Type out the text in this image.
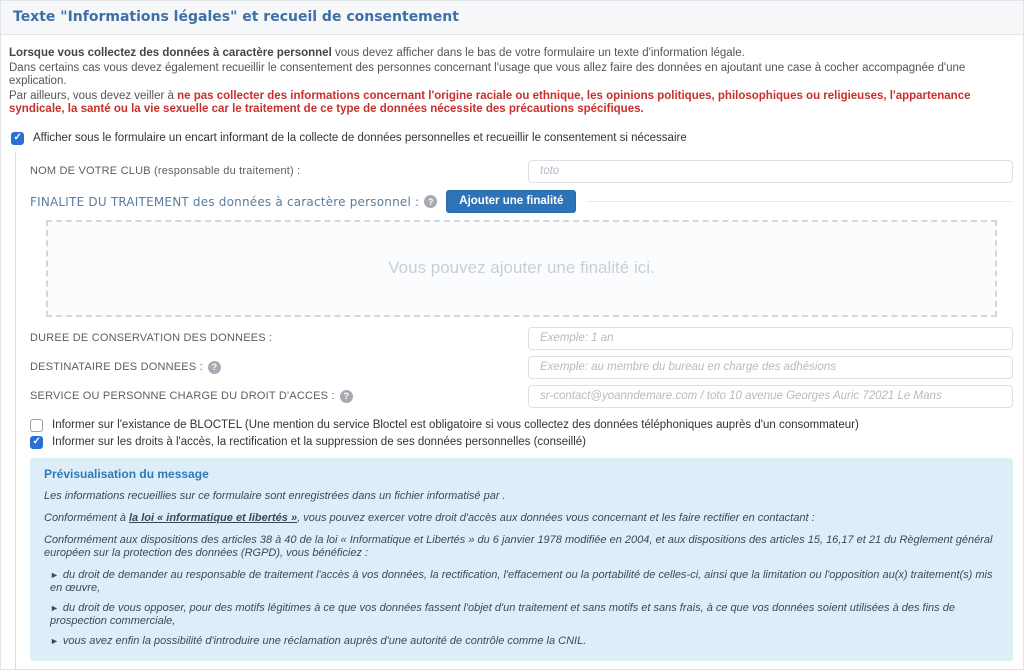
Texte "Informations légales" et recueil de consentement

Lorsque vous collectez des données à caractère personnel vous devez afficher dans le bas de votre formulaire un texte d'information légale.

Dans certains cas vous devez également recueillir le consentement des personnes concernant l'usage que vous allez faire des données en ajoutant une case à cocher accompagnée d'une explication.

Par ailleurs, vous devez veiller à ne pas collecter des informations concernant l'origine raciale ou ethnique, les opinions politiques, philosophiques ou religieuses, l'appartenance syndicale, la santé ou la vie sexuelle car le traitement de ce type de données nécessite des précautions spécifiques.

✓
Afficher sous le formulaire un encart informant de la collecte de données personnelles et recueillir le consentement si nécessaire
NOM DE VOTRE CLUB (responsable du traitement) :
toto
FINALITE DU TRAITEMENT des données à caractère personnel : ?	Ajouter une finalité
Vous pouvez ajouter une finalité ici.
DUREE DE CONSERVATION DES DONNEES :
Exemple: 1 an
DESTINATAIRE DES DONNEES : ?
Exemple: au membre du bureau en charge des adhésions
SERVICE OU PERSONNE CHARGE DU DROIT D'ACCES : ?
sr-contact@yoanndemare.com / toto 10 avenue Georges Auric 72021 Le Mans
Informer sur l'existance de BLOCTEL (Une mention du service Bloctel est obligatoire si vous collectez des données téléphoniques auprès d'un consommateur)
✓
Informer sur les droits à l'accès, la rectification et la suppression de ses données personnelles (conseillé)

Prévisualisation du message

Les informations recueillies sur ce formulaire sont enregistrées dans un fichier informatisé par .

Conformément à la loi « informatique et libertés », vous pouvez exercer votre droit d'accès aux données vous concernant et les faire rectifier en contactant :

Conformément aux dispositions des articles 38 à 40 de la loi « Informatique et Libertés » du 6 janvier 1978 modifiée en 2004, et aux dispositions des articles 15, 16,17 et 21 du Règlement général européen sur la protection des données (RGPD), vous bénéficiez :

► du droit de demander au responsable de traitement l'accès à vos données, la rectification, l'effacement ou la portabilité de celles-ci, ainsi que la limitation ou l'opposition au(x) traitement(s) mis en œuvre,

► du droit de vous opposer, pour des motifs légitimes à ce que vos données fassent l'objet d'un traitement et sans motifs et sans frais, à ce que vos données soient utilisées à des fins de prospection commerciale,

► vous avez enfin la possibilité d'introduire une réclamation auprès d'une autorité de contrôle comme la CNIL.
